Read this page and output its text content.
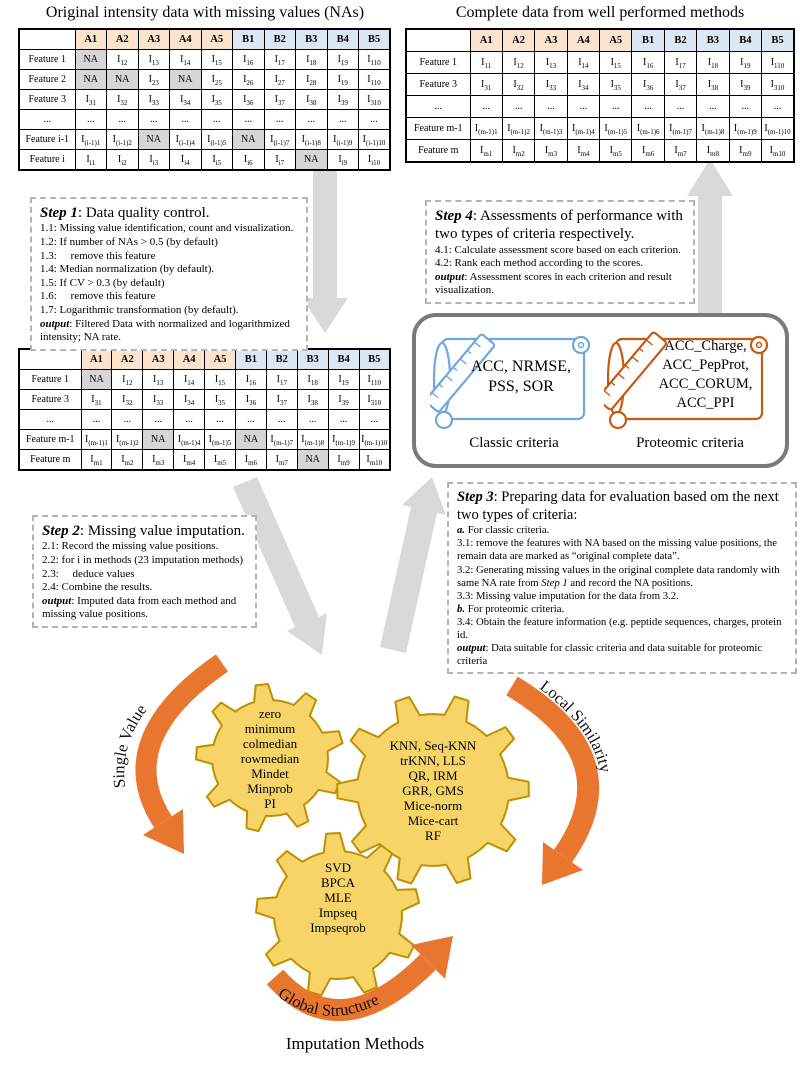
Single Value
Local Similarity
Global Structure
Original intensity data with missing values (NAs)	Complete data from well performed methods
	A1	A2	A3	A4	A5	B1	B2	B3	B4	B5
Feature 1	NA	$I_{12}$	$I_{13}$	$I_{14}$	$I_{15}$	$I_{16}$	$I_{17}$	$I_{18}$	$I_{19}$	$I_{110}$
Feature 2	NA	NA	$I_{23}$	NA	$I_{25}$	$I_{26}$	$I_{27}$	$I_{28}$	$I_{19}$	$I_{110}$
Feature 3	$I_{31}$	$I_{32}$	$I_{33}$	$I_{34}$	$I_{35}$	$I_{36}$	$I_{37}$	$I_{38}$	$I_{39}$	$I_{310}$
...	...	...	...	...	...	...	...	...	...	...
Feature i-1	$I_{(i-1)1}$	$I_{(i-1)2}$	NA	$I_{(i-1)4}$	$I_{(i-1)5}$	NA	$I_{(i-1)7}$	$I_{(i-1)8}$	$I_{(i-1)9}$	$I_{(i-1)10}$
Feature i	$I_{i1}$	$I_{i2}$	$I_{i3}$	$I_{i4}$	$I_{i5}$	$I_{i6}$	$I_{i7}$	NA	$I_{i9}$	$I_{i10}$
	A1	A2	A3	A4	A5	B1	B2	B3	B4	B5
Feature 1	$I_{11}$	$I_{12}$	$I_{13}$	$I_{14}$	$I_{15}$	$I_{16}$	$I_{17}$	$I_{18}$	$I_{19}$	$I_{110}$
Feature 3	$I_{31}$	$I_{32}$	$I_{33}$	$I_{34}$	$I_{35}$	$I_{36}$	$I_{37}$	$I_{38}$	$I_{39}$	$I_{310}$
...	...	...	...	...	...	...	...	...	...	...
Feature m-1	$I_{(m-1)1}$	$I_{(m-1)2}$	$I_{(m-1)3}$	$I_{(m-1)4}$	$I_{(m-1)5}$	$I_{(m-1)6}$	$I_{(m-1)7}$	$I_{(m-1)8}$	$I_{(m-1)9}$	$I_{(m-1)10}$
Feature m	$I_{m1}$	$I_{m2}$	$I_{m3}$	$I_{m4}$	$I_{m5}$	$I_{m6}$	$I_{m7}$	$I_{m8}$	$I_{m9}$	$I_{m10}$
	A1	A2	A3	A4	A5	B1	B2	B3	B4	B5
Feature 1	NA	$I_{12}$	$I_{13}$	$I_{14}$	$I_{15}$	$I_{16}$	$I_{17}$	$I_{18}$	$I_{19}$	$I_{110}$
Feature 3	$I_{31}$	$I_{32}$	$I_{33}$	$I_{34}$	$I_{35}$	$I_{36}$	$I_{37}$	$I_{38}$	$I_{39}$	$I_{310}$
...	...	...	...	...	...	...	...	...	...	...
Feature m-1	$I_{(m-1)1}$	$I_{(m-1)2}$	NA	$I_{(m-1)4}$	$I_{(m-1)5}$	NA	$I_{(m-1)7}$	$I_{(m-1)8}$	$I_{(m-1)9}$	$I_{(m-1)10}$
Feature m	$I_{m1}$	$I_{m2}$	$I_{m3}$	$I_{m4}$	$I_{m5}$	$I_{m6}$	$I_{m7}$	NA	$I_{m9}$	$I_{m10}$
Step 1: Data quality control.
1.1: Missing value identification, count and visualization.
1.2: If number of NAs > 0.5 (by default)
1.3:     remove this feature
1.4: Median normalization (by default).
1.5: If CV > 0.3 (by default)
1.6:     remove this feature
1.7: Logarithmic transformation (by default).
output: Filtered Data with normalized and logarithmized intensity; NA rate.
Step 4: Assessments of performance with two types of criteria respectively.
4.1: Calculate assessment score based on each criterion.
4.2: Rank each method according to the scores.
output: Assessment scores in each criterion and result visualization.
Step 2: Missing value imputation.
2.1: Record the missing value positions.
2.2: for i in methods (23 imputation methods)
2.3:     deduce values
2.4: Combine the results.
output: Imputed data from each method and missing value positions.
Step 3: Preparing data for evaluation based om the next two types of criteria:
a. For classic criteria.
3.1: remove the features with NA based on the missing value positions, the remain data are marked as “original complete data”.
3.2: Generating missing values in the original complete data randomly with same NA rate from Step 1 and record the NA positions.
3.3: Missing value imputation for the data from 3.2.
b. For proteomic criteria.
3.4: Obtain the feature information (e.g. peptide sequences, charges, protein id.
output: Data suitable for classic criteria and data suitable for proteomic criteria
ACC, NRMSE,
PSS, SOR
Classic criteria
ACC_Charge,
ACC_PepProt,
ACC_CORUM,
ACC_PPI
Proteomic criteria
zero
minimum
colmedian
rowmedian
Mindet
Minprob
PI
KNN, Seq-KNN
trKNN, LLS
QR, IRM
GRR, GMS
Mice-norm
Mice-cart
RF
SVD
BPCA
MLE
Impseq
Impseqrob
Imputation Methods
